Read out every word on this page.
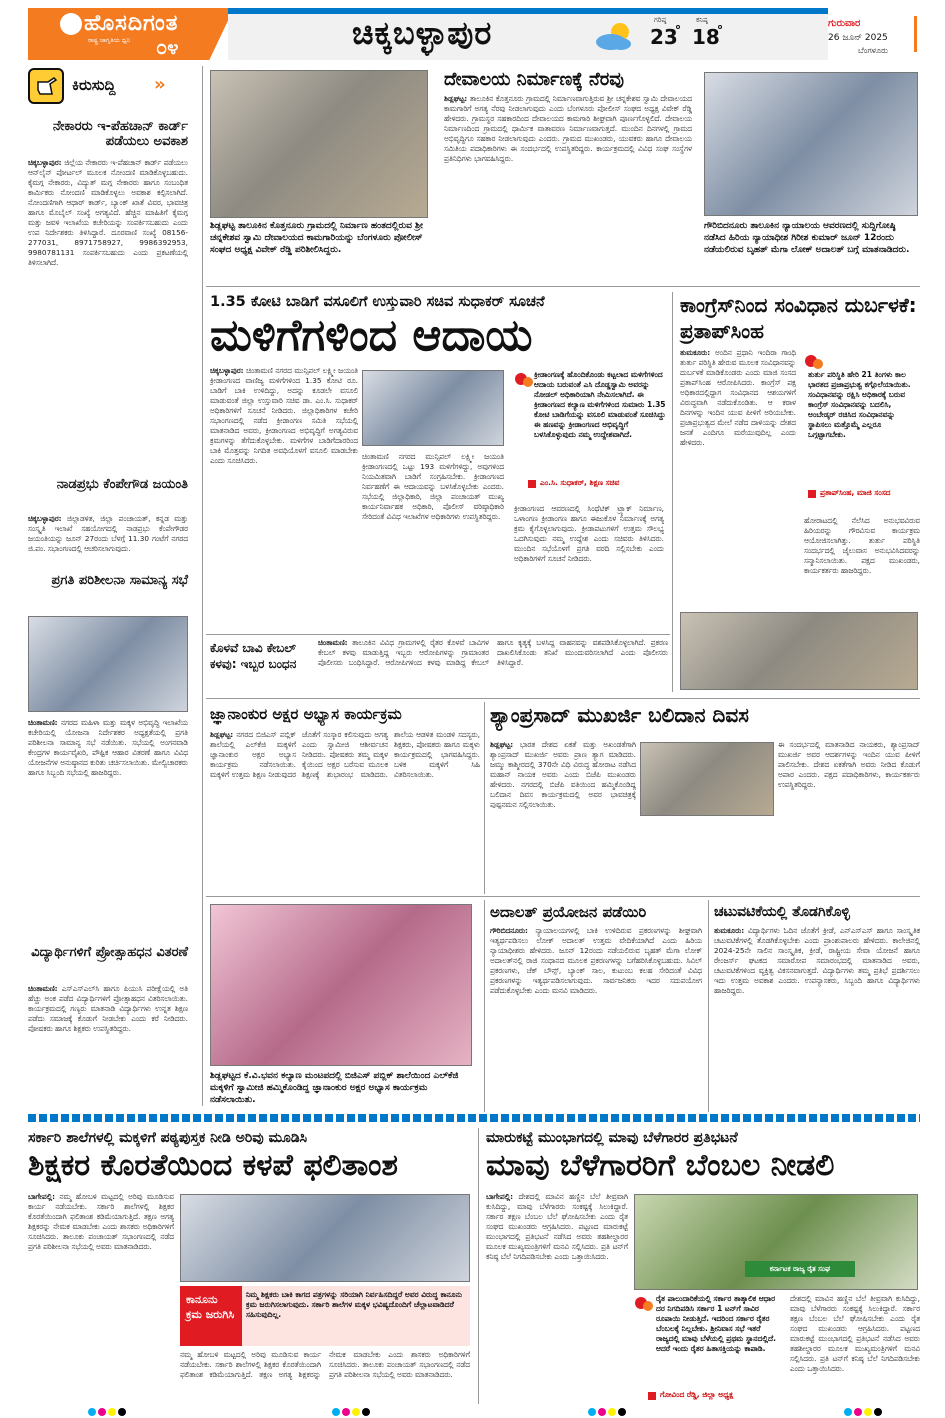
ಹೊಸದಿಗಂತ
ರಾಷ್ಟ್ರ ಜಾಗೃತಿಯ ಧ್ವನಿ ೦೪	ಚಿಕ್ಕಬಳ್ಳಾಪುರ	ಗರಿಷ್ಠ
23
ಕನಿಷ್ಠ
18
ಗುರುವಾರ
26 ಜೂನ್ 2025
ಬೆಂಗಳೂರು
ಕಿರುಸುದ್ದಿ »
ನೇಕಾರರು ಇ-ಪೆಹಚಾನ್ ಕಾರ್ಡ್ ಪಡೆಯಲು ಅವಕಾಶ
ಚಿಕ್ಕಬಳ್ಳಾಪುರ: ಜಿಲ್ಲೆಯ ನೇಕಾರರು ಇ-ಪೆಹಚಾನ್ ಕಾರ್ಡ್ ಪಡೆಯಲು ಆನ್‌ಲೈನ್ ಪೋರ್ಟಲ್ ಮೂಲಕ ನೋಂದಣಿ ಮಾಡಿಕೊಳ್ಳಬಹುದು. ಕೈಮಗ್ಗ ನೇಕಾರರು, ವಿದ್ಯುತ್ ಮಗ್ಗ ನೇಕಾರರು ಹಾಗೂ ಸಂಬಂಧಿತ ಕಾರ್ಮಿಕರು ನೋಂದಣಿ ಮಾಡಿಕೊಳ್ಳಲು ಅವಕಾಶ ಕಲ್ಪಿಸಲಾಗಿದೆ. ನೋಂದಣಿಗಾಗಿ ಆಧಾರ್ ಕಾರ್ಡ್, ಬ್ಯಾಂಕ್ ಖಾತೆ ವಿವರ, ಭಾವಚಿತ್ರ ಹಾಗೂ ಮೊಬೈಲ್ ಸಂಖ್ಯೆ ಅಗತ್ಯವಿದೆ. ಹೆಚ್ಚಿನ ಮಾಹಿತಿಗೆ ಕೈಮಗ್ಗ ಮತ್ತು ಜವಳಿ ಇಲಾಖೆಯ ಕಚೇರಿಯನ್ನು ಸಂಪರ್ಕಿಸಬಹುದು ಎಂದು ಉಪ ನಿರ್ದೇಶಕರು ತಿಳಿಸಿದ್ದಾರೆ. ದೂರವಾಣಿ ಸಂಖ್ಯೆ 08156-277031, 8971758927, 9986392953, 9980781131 ಸಂಪರ್ಕಿಸಬಹುದು ಎಂದು ಪ್ರಕಟಣೆಯಲ್ಲಿ ತಿಳಿಸಲಾಗಿದೆ.
ನಾಡಪ್ರಭು ಕೆಂಪೇಗೌಡ ಜಯಂತಿ
ಚಿಕ್ಕಬಳ್ಳಾಪುರ: ಜಿಲ್ಲಾಡಳಿತ, ಜಿಲ್ಲಾ ಪಂಚಾಯತ್, ಕನ್ನಡ ಮತ್ತು ಸಂಸ್ಕೃತಿ ಇಲಾಖೆ ಸಹಯೋಗದಲ್ಲಿ ನಾಡಪ್ರಭು ಕೆಂಪೇಗೌಡರ ಜಯಂತಿಯನ್ನು ಜೂನ್ 27ರಂದು ಬೆಳಗ್ಗೆ 11.30 ಗಂಟೆಗೆ ನಗರದ ಜಿ.ಪಂ. ಸಭಾಂಗಣದಲ್ಲಿ ಆಚರಿಸಲಾಗುವುದು.
ಪ್ರಗತಿ ಪರಿಶೀಲನಾ ಸಾಮಾನ್ಯ ಸಭೆ
ಚಿಂತಾಮಣಿ: ನಗರದ ಮಹಿಳಾ ಮತ್ತು ಮಕ್ಕಳ ಅಭಿವೃದ್ಧಿ ಇಲಾಖೆಯ ಕಚೇರಿಯಲ್ಲಿ ಯೋಜನಾ ನಿರ್ದೇಶಕರ ಅಧ್ಯಕ್ಷತೆಯಲ್ಲಿ ಪ್ರಗತಿ ಪರಿಶೀಲನಾ ಸಾಮಾನ್ಯ ಸಭೆ ನಡೆಯಿತು. ಸಭೆಯಲ್ಲಿ ಅಂಗನವಾಡಿ ಕೇಂದ್ರಗಳ ಕಾರ್ಯವೈಖರಿ, ಪೌಷ್ಟಿಕ ಆಹಾರ ವಿತರಣೆ ಹಾಗೂ ವಿವಿಧ ಯೋಜನೆಗಳ ಅನುಷ್ಠಾನದ ಕುರಿತು ಚರ್ಚಿಸಲಾಯಿತು. ಮೇಲ್ವಿಚಾರಕರು ಹಾಗೂ ಸಿಬ್ಬಂದಿ ಸಭೆಯಲ್ಲಿ ಹಾಜರಿದ್ದರು.
ವಿದ್ಯಾರ್ಥಿಗಳಿಗೆ ಪ್ರೋತ್ಸಾಹಧನ ವಿತರಣೆ
ಚಿಂತಾಮಣಿ: ಎಸ್‌ಎಸ್‌ಎಲ್‌ಸಿ ಹಾಗೂ ಪಿಯುಸಿ ಪರೀಕ್ಷೆಯಲ್ಲಿ ಅತಿ ಹೆಚ್ಚು ಅಂಕ ಪಡೆದ ವಿದ್ಯಾರ್ಥಿಗಳಿಗೆ ಪ್ರೋತ್ಸಾಹಧನ ವಿತರಿಸಲಾಯಿತು. ಕಾರ್ಯಕ್ರಮದಲ್ಲಿ ಗಣ್ಯರು ಮಾತನಾಡಿ ವಿದ್ಯಾರ್ಥಿಗಳು ಉನ್ನತ ಶಿಕ್ಷಣ ಪಡೆದು ಸಮಾಜಕ್ಕೆ ಕೊಡುಗೆ ನೀಡಬೇಕು ಎಂದು ಕರೆ ನೀಡಿದರು. ಪೋಷಕರು ಹಾಗೂ ಶಿಕ್ಷಕರು ಉಪಸ್ಥಿತರಿದ್ದರು.
ಶಿಡ್ಲಘಟ್ಟ ತಾಲೂಕಿನ ಕೊತ್ತನೂರು ಗ್ರಾಮದಲ್ಲಿ ನಿರ್ಮಾಣ ಹಂತದಲ್ಲಿರುವ ಶ್ರೀ ಚನ್ನಕೇಶವ ಸ್ವಾಮಿ ದೇವಾಲಯದ ಕಾಮಗಾರಿಯನ್ನು ಬೆಂಗಳೂರು ಪೋಲೀಸ್ ಸಂಘದ ಅಧ್ಯಕ್ಷ ವಿವೇಕ್ ರೆಡ್ಡಿ ಪರಿಶೀಲಿಸಿದ್ದರು.
ದೇವಾಲಯ ನಿರ್ಮಾಣಕ್ಕೆ ನೆರವು
ಶಿಡ್ಲಘಟ್ಟ: ತಾಲೂಕಿನ ಕೊತ್ತನೂರು ಗ್ರಾಮದಲ್ಲಿ ನಿರ್ಮಾಣವಾಗುತ್ತಿರುವ ಶ್ರೀ ಚನ್ನಕೇಶವ ಸ್ವಾಮಿ ದೇವಾಲಯದ ಕಾಮಗಾರಿಗೆ ಅಗತ್ಯ ನೆರವು ನೀಡಲಾಗುವುದು ಎಂದು ಬೆಂಗಳೂರು ಪೋಲೀಸ್ ಸಂಘದ ಅಧ್ಯಕ್ಷ ವಿವೇಕ್ ರೆಡ್ಡಿ ಹೇಳಿದರು. ಗ್ರಾಮಸ್ಥರ ಸಹಕಾರದಿಂದ ದೇವಾಲಯದ ಕಾಮಗಾರಿ ಶೀಘ್ರವಾಗಿ ಪೂರ್ಣಗೊಳ್ಳಲಿದೆ. ದೇವಾಲಯ ನಿರ್ಮಾಣದಿಂದ ಗ್ರಾಮದಲ್ಲಿ ಧಾರ್ಮಿಕ ವಾತಾವರಣ ನಿರ್ಮಾಣವಾಗುತ್ತದೆ. ಮುಂದಿನ ದಿನಗಳಲ್ಲಿ ಗ್ರಾಮದ ಅಭಿವೃದ್ಧಿಗೂ ಸಹಕಾರ ನೀಡಲಾಗುವುದು ಎಂದರು. ಗ್ರಾಮದ ಮುಖಂಡರು, ಯುವಕರು ಹಾಗೂ ದೇವಾಲಯ ಸಮಿತಿಯ ಪದಾಧಿಕಾರಿಗಳು ಈ ಸಂದರ್ಭದಲ್ಲಿ ಉಪಸ್ಥಿತರಿದ್ದರು. ಕಾರ್ಯಕ್ರಮದಲ್ಲಿ ವಿವಿಧ ಸಂಘ ಸಂಸ್ಥೆಗಳ ಪ್ರತಿನಿಧಿಗಳು ಭಾಗವಹಿಸಿದ್ದರು.
ಗೌರಿಬಿದನೂರು ತಾಲೂಕಿನ ನ್ಯಾಯಾಲಯ ಆವರಣದಲ್ಲಿ ಸುದ್ದಿಗೋಷ್ಠಿ ನಡೆಸಿದ ಹಿರಿಯ ನ್ಯಾಯಾಧೀಶ ಗಿರೀಶ ಕುಮಾರ್ ಜೂನ್ 12ರಂದು ನಡೆಯಲಿರುವ ಬೃಹತ್ ಮೆಗಾ ಲೋಕ್ ಅದಾಲತ್ ಬಗ್ಗೆ ಮಾತನಾಡಿದರು.
1.35 ಕೋಟಿ ಬಾಡಿಗೆ ವಸೂಲಿಗೆ ಉಸ್ತುವಾರಿ ಸಚಿವ ಸುಧಾಕರ್ ಸೂಚನೆ
ಮಳಿಗೆಗಳಿಂದ ಆದಾಯ
ಚಿಕ್ಕಬಳ್ಳಾಪುರ: ಚಿಂತಾಮಣಿ ನಗರದ ಮುನ್ಸಿಪಲ್ ಲಕ್ಷ್ಮೀ ಜಯಂತಿ ಕ್ರೀಡಾಂಗಣದ ವಾಣಿಜ್ಯ ಮಳಿಗೆಗಳಿಂದ 1.35 ಕೋಟಿ ರೂ. ಬಾಡಿಗೆ ಬಾಕಿ ಉಳಿದಿದ್ದು, ಅದನ್ನು ಕೂಡಲೇ ವಸೂಲಿ ಮಾಡುವಂತೆ ಜಿಲ್ಲಾ ಉಸ್ತುವಾರಿ ಸಚಿವ ಡಾ. ಎಂ.ಸಿ. ಸುಧಾಕರ್ ಅಧಿಕಾರಿಗಳಿಗೆ ಸೂಚನೆ ನೀಡಿದರು. ಜಿಲ್ಲಾಧಿಕಾರಿಗಳ ಕಚೇರಿ ಸಭಾಂಗಣದಲ್ಲಿ ನಡೆದ ಕ್ರೀಡಾಂಗಣ ಸಮಿತಿ ಸಭೆಯಲ್ಲಿ ಮಾತನಾಡಿದ ಅವರು, ಕ್ರೀಡಾಂಗಣದ ಅಭಿವೃದ್ಧಿಗೆ ಅಗತ್ಯವಿರುವ ಕ್ರಮಗಳನ್ನು ತೆಗೆದುಕೊಳ್ಳಬೇಕು. ಮಳಿಗೆಗಳ ಬಾಡಿಗೆದಾರರಿಂದ ಬಾಕಿ ಮೊತ್ತವನ್ನು ನಿಗದಿತ ಅವಧಿಯೊಳಗೆ ವಸೂಲಿ ಮಾಡಬೇಕು ಎಂದು ಸೂಚಿಸಿದರು.	ಚಿಂತಾಮಣಿ ನಗರದ ಮುನ್ಸಿಪಲ್ ಲಕ್ಷ್ಮೀ ಜಯಂತಿ ಕ್ರೀಡಾಂಗಣದಲ್ಲಿ ಒಟ್ಟು 193 ಮಳಿಗೆಗಳಿದ್ದು, ಅವುಗಳಿಂದ ನಿಯಮಿತವಾಗಿ ಬಾಡಿಗೆ ಸಂಗ್ರಹಿಸಬೇಕು. ಕ್ರೀಡಾಂಗಣದ ನಿರ್ವಹಣೆಗೆ ಈ ಆದಾಯವನ್ನು ಬಳಸಿಕೊಳ್ಳಬೇಕು ಎಂದರು. ಸಭೆಯಲ್ಲಿ ಜಿಲ್ಲಾಧಿಕಾರಿ, ಜಿಲ್ಲಾ ಪಂಚಾಯತ್ ಮುಖ್ಯ ಕಾರ್ಯನಿರ್ವಾಹಕ ಅಧಿಕಾರಿ, ಪೊಲೀಸ್ ವರಿಷ್ಠಾಧಿಕಾರಿ ಸೇರಿದಂತೆ ವಿವಿಧ ಇಲಾಖೆಗಳ ಅಧಿಕಾರಿಗಳು ಉಪಸ್ಥಿತರಿದ್ದರು.
ಕ್ರೀಡಾಂಗಣಕ್ಕೆ ಹೊಂದಿಕೊಂಡು ಕಟ್ಟಲಾದ ಮಳಿಗೆಗಳಿಂದ ಆದಾಯ ಬರುವಂತೆ ಎಸಿ ದೊಡ್ಡಸ್ವಾಮಿ ಅವರನ್ನು ನೋಡಲ್ ಅಧಿಕಾರಿಯಾಗಿ ನೇಮಿಸಲಾಗಿದೆ. ಈ ಕ್ರೀಡಾಂಗಣದ ಕಲ್ಯಾಣ ಮಳಿಗೆಗಳಿಂದ ಸುಮಾರು 1.35 ಕೋಟಿ ಬಾಡಿಗೆಯನ್ನು ವಸೂಲಿ ಮಾಡುವಂತೆ ಸೂಚಿಸಿದ್ದು ಈ ಹಣವನ್ನು ಕ್ರೀಡಾಂಗಣದ ಅಭಿವೃದ್ಧಿಗೆ ಬಳಸಿಕೊಳ್ಳುವುದು ನಮ್ಮ ಉದ್ದೇಶವಾಗಿದೆ.
ಎಂ.ಸಿ. ಸುಧಾಕರ್, ಶಿಕ್ಷಣ ಸಚಿವ
ಕ್ರೀಡಾಂಗಣದ ಆವರಣದಲ್ಲಿ ಸಿಂಥೆಟಿಕ್ ಟ್ರ್ಯಾಕ್ ನಿರ್ಮಾಣ, ಒಳಾಂಗಣ ಕ್ರೀಡಾಂಗಣ ಹಾಗೂ ಈಜುಕೊಳ ನಿರ್ಮಾಣಕ್ಕೆ ಅಗತ್ಯ ಕ್ರಮ ಕೈಗೊಳ್ಳಲಾಗುವುದು. ಕ್ರೀಡಾಪಟುಗಳಿಗೆ ಉತ್ತಮ ಸೌಲಭ್ಯ ಒದಗಿಸುವುದು ನಮ್ಮ ಉದ್ದೇಶ ಎಂದು ಸಚಿವರು ತಿಳಿಸಿದರು. ಮುಂದಿನ ಸಭೆಯೊಳಗೆ ಪ್ರಗತಿ ವರದಿ ಸಲ್ಲಿಸಬೇಕು ಎಂದು ಅಧಿಕಾರಿಗಳಿಗೆ ಸೂಚನೆ ನೀಡಿದರು.
ಕಾಂಗ್ರೆಸ್‌ನಿಂದ ಸಂವಿಧಾನ ದುರ್ಬಳಕೆ: ಪ್ರತಾಪ್‌ಸಿಂಹ
ತುಮಕೂರು: ಅಂದಿನ ಪ್ರಧಾನಿ ಇಂದಿರಾ ಗಾಂಧಿ ತುರ್ತು ಪರಿಸ್ಥಿತಿ ಹೇರುವ ಮೂಲಕ ಸಂವಿಧಾನವನ್ನು ದುರ್ಬಳಕೆ ಮಾಡಿಕೊಂಡರು ಎಂದು ಮಾಜಿ ಸಂಸದ ಪ್ರತಾಪ್‌ಸಿಂಹ ಆರೋಪಿಸಿದರು. ಕಾಂಗ್ರೆಸ್ ಪಕ್ಷ ಅಧಿಕಾರದಲ್ಲಿದ್ದಾಗ ಸಂವಿಧಾನದ ಆಶಯಗಳಿಗೆ ವಿರುದ್ಧವಾಗಿ ನಡೆದುಕೊಂಡಿತು. ಆ ಕರಾಳ ದಿನಗಳನ್ನು ಇಂದಿನ ಯುವ ಪೀಳಿಗೆ ಅರಿಯಬೇಕು. ಪ್ರಜಾಪ್ರಭುತ್ವದ ಮೇಲೆ ನಡೆದ ದಾಳಿಯನ್ನು ದೇಶದ ಜನತೆ ಎಂದಿಗೂ ಮರೆಯುವುದಿಲ್ಲ ಎಂದು ಹೇಳಿದರು.
ತುರ್ತು ಪರಿಸ್ಥಿತಿ ಹೇರಿ 21 ತಿಂಗಳು ಕಾಲ ಭಾರತದ ಪ್ರಜಾಪ್ರಭುತ್ವ ಕಗ್ಗೊಲೆಯಾಯಿತು. ಸಂವಿಧಾನವನ್ನು ರಕ್ಷಿಸಿ ಅಧಿಕಾರಕ್ಕೆ ಬರುವ ಕಾಂಗ್ರೆಸ್ ಸಂವಿಧಾನವನ್ನು ಬದಲಿಸಿ, ಅಂಬೇಡ್ಕರ್ ರಚಿಸಿದ ಸಂವಿಧಾನವನ್ನು ಸ್ಥಾಪಿಸಲು ಮತ್ತೊಮ್ಮೆ ಎಲ್ಲರೂ ಒಗ್ಗಟ್ಟಾಗಬೇಕು.
ಪ್ರತಾಪ್‌ಸಿಂಹ, ಮಾಜಿ ಸಂಸದ
ಹೋರಾಟದಲ್ಲಿ ನೆಲೆಸಿದ ಅನುಭವವಿರುವ ಹಿರಿಯರನ್ನು ಗೌರವಿಸುವ ಕಾರ್ಯಕ್ರಮ ಆಯೋಜಿಸಲಾಗಿತ್ತು. ತುರ್ತು ಪರಿಸ್ಥಿತಿ ಸಂದರ್ಭದಲ್ಲಿ ಜೈಲುವಾಸ ಅನುಭವಿಸಿದವರನ್ನು ಸನ್ಮಾನಿಸಲಾಯಿತು. ಪಕ್ಷದ ಮುಖಂಡರು, ಕಾರ್ಯಕರ್ತರು ಹಾಜರಿದ್ದರು.
ಕೊಳವೆ ಬಾವಿ ಕೇಬಲ್ ಕಳವು: ಇಬ್ಬರ ಬಂಧನ
ಚಿಂತಾಮಣಿ: ತಾಲೂಕಿನ ವಿವಿಧ ಗ್ರಾಮಗಳಲ್ಲಿ ರೈತರ ಕೊಳವೆ ಬಾವಿಗಳ ಕೇಬಲ್ ಕಳವು ಮಾಡುತ್ತಿದ್ದ ಇಬ್ಬರು ಆರೋಪಿಗಳನ್ನು ಗ್ರಾಮಾಂತರ ಪೊಲೀಸರು ಬಂಧಿಸಿದ್ದಾರೆ. ಆರೋಪಿಗಳಿಂದ ಕಳವು ಮಾಡಿದ್ದ ಕೇಬಲ್ ಹಾಗೂ ಕೃತ್ಯಕ್ಕೆ ಬಳಸಿದ್ದ ವಾಹನವನ್ನು ವಶಪಡಿಸಿಕೊಳ್ಳಲಾಗಿದೆ. ಪ್ರಕರಣ ದಾಖಲಿಸಿಕೊಂಡು ತನಿಖೆ ಮುಂದುವರಿಸಲಾಗಿದೆ ಎಂದು ಪೊಲೀಸರು ತಿಳಿಸಿದ್ದಾರೆ.
ಜ್ಞಾನಾಂಕುರ ಅಕ್ಷರ ಅಭ್ಯಾಸ ಕಾರ್ಯಕ್ರಮ
ಶಿಡ್ಲಘಟ್ಟ: ನಗರದ ಬಿಜಿಎಸ್ ಪಬ್ಲಿಕ್ ಶಾಲೆಯಲ್ಲಿ ಎಲ್‌ಕೆಜಿ ಮಕ್ಕಳಿಗೆ ಜ್ಞಾನಾಂಕುರ ಅಕ್ಷರ ಅಭ್ಯಾಸ ಕಾರ್ಯಕ್ರಮ ನಡೆಸಲಾಯಿತು. ಮಕ್ಕಳಿಗೆ ಉತ್ತಮ ಶಿಕ್ಷಣ ನೀಡುವುದರ ಜೊತೆಗೆ ಸಂಸ್ಕಾರ ಕಲಿಸುವುದು ಅಗತ್ಯ ಎಂದು ಸ್ವಾಮೀಜಿ ಆಶೀರ್ವಚನ ನೀಡಿದರು. ಪೋಷಕರು ತಮ್ಮ ಮಕ್ಕಳ ಕೈಯಿಂದ ಅಕ್ಷರ ಬರೆಸುವ ಮೂಲಕ ಶಿಕ್ಷಣಕ್ಕೆ ಶುಭಾರಂಭ ಮಾಡಿದರು. ಶಾಲೆಯ ಆಡಳಿತ ಮಂಡಳಿ ಸದಸ್ಯರು, ಶಿಕ್ಷಕರು, ಪೋಷಕರು ಹಾಗೂ ಮಕ್ಕಳು ಕಾರ್ಯಕ್ರಮದಲ್ಲಿ ಭಾಗವಹಿಸಿದ್ದರು. ಬಳಿಕ ಮಕ್ಕಳಿಗೆ ಸಿಹಿ ವಿತರಿಸಲಾಯಿತು.
ಶ್ಯಾಂಪ್ರಸಾದ್ ಮುಖರ್ಜಿ ಬಲಿದಾನ ದಿವಸ
ಶಿಡ್ಲಘಟ್ಟ: ಭಾರತ ದೇಶದ ಏಕತೆ ಮತ್ತು ಅಖಂಡತೆಗಾಗಿ ಶ್ಯಾಂಪ್ರಸಾದ್ ಮುಖರ್ಜಿ ಅವರು ಪ್ರಾಣ ತ್ಯಾಗ ಮಾಡಿದರು. ಜಮ್ಮು ಕಾಶ್ಮೀರದಲ್ಲಿ 370ನೇ ವಿಧಿ ವಿರುದ್ಧ ಹೋರಾಟ ನಡೆಸಿದ ಮಹಾನ್ ನಾಯಕ ಅವರು ಎಂದು ಬಿಜೆಪಿ ಮುಖಂಡರು ಹೇಳಿದರು. ನಗರದಲ್ಲಿ ಬಿಜೆಪಿ ವತಿಯಿಂದ ಹಮ್ಮಿಕೊಂಡಿದ್ದ ಬಲಿದಾನ ದಿವಸ ಕಾರ್ಯಕ್ರಮದಲ್ಲಿ ಅವರ ಭಾವಚಿತ್ರಕ್ಕೆ ಪುಷ್ಪನಮನ ಸಲ್ಲಿಸಲಾಯಿತು.
ಈ ಸಂದರ್ಭದಲ್ಲಿ ಮಾತನಾಡಿದ ನಾಯಕರು, ಶ್ಯಾಂಪ್ರಸಾದ್ ಮುಖರ್ಜಿ ಅವರ ಆದರ್ಶಗಳನ್ನು ಇಂದಿನ ಯುವ ಪೀಳಿಗೆ ಪಾಲಿಸಬೇಕು. ದೇಶದ ಏಕತೆಗಾಗಿ ಅವರು ನೀಡಿದ ಕೊಡುಗೆ ಅಪಾರ ಎಂದರು. ಪಕ್ಷದ ಪದಾಧಿಕಾರಿಗಳು, ಕಾರ್ಯಕರ್ತರು ಉಪಸ್ಥಿತರಿದ್ದರು.
ಶಿಡ್ಲಘಟ್ಟದ ಕೆ.ವಿ.ಭವನ ಕಲ್ಯಾಣ ಮಂಟಪದಲ್ಲಿ ಬಿಜಿಎಸ್ ಪಬ್ಲಿಕ್ ಶಾಲೆಯಿಂದ ಎಲ್‌ಕೆಜಿ ಮಕ್ಕಳಿಗೆ ಸ್ವಾಮೀಜಿ ಹಮ್ಮಿಕೊಂಡಿದ್ದ ಜ್ಞಾನಾಂಕುರ ಅಕ್ಷರ ಅಭ್ಯಾಸ ಕಾರ್ಯಕ್ರಮ ನಡೆಸಲಾಯಿತು.
ಅದಾಲತ್ ಪ್ರಯೋಜನ ಪಡೆಯಿರಿ
ಗೌರಿಬಿದನೂರು: ನ್ಯಾಯಾಲಯಗಳಲ್ಲಿ ಬಾಕಿ ಉಳಿದಿರುವ ಪ್ರಕರಣಗಳನ್ನು ಶೀಘ್ರವಾಗಿ ಇತ್ಯರ್ಥಪಡಿಸಲು ಲೋಕ್ ಅದಾಲತ್ ಉತ್ತಮ ವೇದಿಕೆಯಾಗಿದೆ ಎಂದು ಹಿರಿಯ ನ್ಯಾಯಾಧೀಶರು ಹೇಳಿದರು. ಜೂನ್ 12ರಂದು ನಡೆಯಲಿರುವ ಬೃಹತ್ ಮೆಗಾ ಲೋಕ್ ಅದಾಲತ್‌ನಲ್ಲಿ ರಾಜಿ ಸಂಧಾನದ ಮೂಲಕ ಪ್ರಕರಣಗಳನ್ನು ಬಗೆಹರಿಸಿಕೊಳ್ಳಬಹುದು. ಸಿವಿಲ್ ಪ್ರಕರಣಗಳು, ಚೆಕ್ ಬೌನ್ಸ್, ಬ್ಯಾಂಕ್ ಸಾಲ, ಕುಟುಂಬ ಕಲಹ ಸೇರಿದಂತೆ ವಿವಿಧ ಪ್ರಕರಣಗಳನ್ನು ಇತ್ಯರ್ಥಪಡಿಸಲಾಗುವುದು. ಸಾರ್ವಜನಿಕರು ಇದರ ಸದುಪಯೋಗ ಪಡೆದುಕೊಳ್ಳಬೇಕು ಎಂದು ಮನವಿ ಮಾಡಿದರು.
ಚಟುವಟಿಕೆಯಲ್ಲಿ ತೊಡಗಿಕೊಳ್ಳಿ
ತುಮಕೂರು: ವಿದ್ಯಾರ್ಥಿಗಳು ಓದಿನ ಜೊತೆಗೆ ಕ್ರೀಡೆ, ಎನ್‌ಎಸ್‌ಎಸ್ ಹಾಗೂ ಸಾಂಸ್ಕೃತಿಕ ಚಟುವಟಿಕೆಗಳಲ್ಲಿ ತೊಡಗಿಕೊಳ್ಳಬೇಕು ಎಂದು ಪ್ರಾಂಶುಪಾಲರು ಹೇಳಿದರು. ಕಾಲೇಜಿನಲ್ಲಿ 2024-25ನೇ ಸಾಲಿನ ಸಾಂಸ್ಕೃತಿಕ, ಕ್ರೀಡೆ, ರಾಷ್ಟ್ರೀಯ ಸೇವಾ ಯೋಜನೆ ಹಾಗೂ ರೇಂಜರ್ಸ್ ಘಟಕದ ಸಮಾರೋಪ ಸಮಾರಂಭದಲ್ಲಿ ಮಾತನಾಡಿದ ಅವರು, ಚಟುವಟಿಕೆಗಳಿಂದ ವ್ಯಕ್ತಿತ್ವ ವಿಕಸನವಾಗುತ್ತದೆ. ವಿದ್ಯಾರ್ಥಿಗಳು ತಮ್ಮ ಪ್ರತಿಭೆ ಪ್ರದರ್ಶಿಸಲು ಇದು ಉತ್ತಮ ಅವಕಾಶ ಎಂದರು. ಉಪನ್ಯಾಸಕರು, ಸಿಬ್ಬಂದಿ ಹಾಗೂ ವಿದ್ಯಾರ್ಥಿಗಳು ಹಾಜರಿದ್ದರು.
ಸರ್ಕಾರಿ ಶಾಲೆಗಳಲ್ಲಿ ಮಕ್ಕಳಿಗೆ ಪಠ್ಯಪುಸ್ತಕ ನೀಡಿ ಅರಿವು ಮೂಡಿಸಿ
ಶಿಕ್ಷಕರ ಕೊರತೆಯಿಂದ ಕಳಪೆ ಫಲಿತಾಂಶ
ಬಾಗೇಪಲ್ಲಿ: ನಮ್ಮ ಹೋಬಳಿ ಮಟ್ಟದಲ್ಲಿ ಅರಿವು ಮೂಡಿಸುವ ಕಾರ್ಯ ನಡೆಯಬೇಕು. ಸರ್ಕಾರಿ ಶಾಲೆಗಳಲ್ಲಿ ಶಿಕ್ಷಕರ ಕೊರತೆಯಿಂದಾಗಿ ಫಲಿತಾಂಶ ಕಡಿಮೆಯಾಗುತ್ತಿದೆ. ತಕ್ಷಣ ಅಗತ್ಯ ಶಿಕ್ಷಕರನ್ನು ನೇಮಕ ಮಾಡಬೇಕು ಎಂದು ಶಾಸಕರು ಅಧಿಕಾರಿಗಳಿಗೆ ಸೂಚಿಸಿದರು. ತಾಲೂಕು ಪಂಚಾಯತ್ ಸಭಾಂಗಣದಲ್ಲಿ ನಡೆದ ಪ್ರಗತಿ ಪರಿಶೀಲನಾ ಸಭೆಯಲ್ಲಿ ಅವರು ಮಾತನಾಡಿದರು.
ಕಾನೂನು ಕ್ರಮ ಜರುಗಿಸಿ
ನಿಮ್ಮ ಶಿಕ್ಷಕರು ಬಾಕಿ ಕಾಗದ ಪತ್ರಗಳನ್ನು ಸರಿಯಾಗಿ ನಿರ್ವಹಿಸದಿದ್ದರೆ ಅವರ ವಿರುದ್ಧ ಕಾನೂನು ಕ್ರಮ ಜರುಗಿಸಲಾಗುವುದು. ಸರ್ಕಾರಿ ಶಾಲೆಗಳ ಮಕ್ಕಳ ಭವಿಷ್ಯದೊಂದಿಗೆ ಚೆಲ್ಲಾಟವಾಡಿದರೆ ಸಹಿಸುವುದಿಲ್ಲ.
ನಮ್ಮ ಹೋಬಳಿ ಮಟ್ಟದಲ್ಲಿ ಅರಿವು ಮೂಡಿಸುವ ಕಾರ್ಯ ನಡೆಯಬೇಕು. ಸರ್ಕಾರಿ ಶಾಲೆಗಳಲ್ಲಿ ಶಿಕ್ಷಕರ ಕೊರತೆಯಿಂದಾಗಿ ಫಲಿತಾಂಶ ಕಡಿಮೆಯಾಗುತ್ತಿದೆ. ತಕ್ಷಣ ಅಗತ್ಯ ಶಿಕ್ಷಕರನ್ನು ನೇಮಕ ಮಾಡಬೇಕು ಎಂದು ಶಾಸಕರು ಅಧಿಕಾರಿಗಳಿಗೆ ಸೂಚಿಸಿದರು. ತಾಲೂಕು ಪಂಚಾಯತ್ ಸಭಾಂಗಣದಲ್ಲಿ ನಡೆದ ಪ್ರಗತಿ ಪರಿಶೀಲನಾ ಸಭೆಯಲ್ಲಿ ಅವರು ಮಾತನಾಡಿದರು.
ಮಾರುಕಟ್ಟೆ ಮುಂಭಾಗದಲ್ಲಿ ಮಾವು ಬೆಳೆಗಾರರ ಪ್ರತಿಭಟನೆ
ಮಾವು ಬೆಳೆಗಾರರಿಗೆ ಬೆಂಬಲ ನೀಡಲಿ
ಬಾಗೇಪಲ್ಲಿ: ದೇಶದಲ್ಲಿ ಮಾವಿನ ಹಣ್ಣಿನ ಬೆಲೆ ತೀವ್ರವಾಗಿ ಕುಸಿದಿದ್ದು, ಮಾವು ಬೆಳೆಗಾರರು ಸಂಕಷ್ಟಕ್ಕೆ ಸಿಲುಕಿದ್ದಾರೆ. ಸರ್ಕಾರ ತಕ್ಷಣ ಬೆಂಬಲ ಬೆಲೆ ಘೋಷಿಸಬೇಕು ಎಂದು ರೈತ ಸಂಘದ ಮುಖಂಡರು ಆಗ್ರಹಿಸಿದರು. ಪಟ್ಟಣದ ಮಾರುಕಟ್ಟೆ ಮುಂಭಾಗದಲ್ಲಿ ಪ್ರತಿಭಟನೆ ನಡೆಸಿದ ಅವರು ತಹಶೀಲ್ದಾರರ ಮೂಲಕ ಮುಖ್ಯಮಂತ್ರಿಗಳಿಗೆ ಮನವಿ ಸಲ್ಲಿಸಿದರು. ಪ್ರತಿ ಟನ್‌ಗೆ ಕನಿಷ್ಠ ಬೆಲೆ ನಿಗದಿಪಡಿಸಬೇಕು ಎಂದು ಒತ್ತಾಯಿಸಿದರು.
ಕರ್ನಾಟಕ ರಾಜ್ಯ ರೈತ ಸಂಘ
ರೈತ ಪಾಲುದಾರಿಕೆಯಲ್ಲಿ ಸರ್ಕಾರ ತಾತ್ಕಾಲಿಕ ಆಧಾರ ದರ ನಿಗದಿಪಡಿಸಿ ಸರ್ಕಾರ 1 ಟನ್‌ಗೆ ಸಾವಿರ ರೂಪಾಯಿ ನೀಡುತ್ತಿದೆ. ಇದರಿಂದ ಸರ್ಕಾರ ರೈತರ ಬೆಂಬಲಕ್ಕೆ ನಿಲ್ಲಬೇಕು. ಶ್ರೀನಿವಾಸ ಸಭೆ ಇತರೆ ರಾಜ್ಯದಲ್ಲಿ ಮಾವು ಬೆಳೆಯಲ್ಲಿ ಪ್ರಥಮ ಸ್ಥಾನದಲ್ಲಿದೆ. ಆದರೆ ಇಂದು ರೈತರ ಹಿತಾಸಕ್ತಿಯನ್ನು ಕಾಪಾಡಿ.
ಗೋವಿಂದ ರೆಡ್ಡಿ, ಜಿಲ್ಲಾ ಅಧ್ಯಕ್ಷ
ದೇಶದಲ್ಲಿ ಮಾವಿನ ಹಣ್ಣಿನ ಬೆಲೆ ತೀವ್ರವಾಗಿ ಕುಸಿದಿದ್ದು, ಮಾವು ಬೆಳೆಗಾರರು ಸಂಕಷ್ಟಕ್ಕೆ ಸಿಲುಕಿದ್ದಾರೆ. ಸರ್ಕಾರ ತಕ್ಷಣ ಬೆಂಬಲ ಬೆಲೆ ಘೋಷಿಸಬೇಕು ಎಂದು ರೈತ ಸಂಘದ ಮುಖಂಡರು ಆಗ್ರಹಿಸಿದರು. ಪಟ್ಟಣದ ಮಾರುಕಟ್ಟೆ ಮುಂಭಾಗದಲ್ಲಿ ಪ್ರತಿಭಟನೆ ನಡೆಸಿದ ಅವರು ತಹಶೀಲ್ದಾರರ ಮೂಲಕ ಮುಖ್ಯಮಂತ್ರಿಗಳಿಗೆ ಮನವಿ ಸಲ್ಲಿಸಿದರು. ಪ್ರತಿ ಟನ್‌ಗೆ ಕನಿಷ್ಠ ಬೆಲೆ ನಿಗದಿಪಡಿಸಬೇಕು ಎಂದು ಒತ್ತಾಯಿಸಿದರು.
